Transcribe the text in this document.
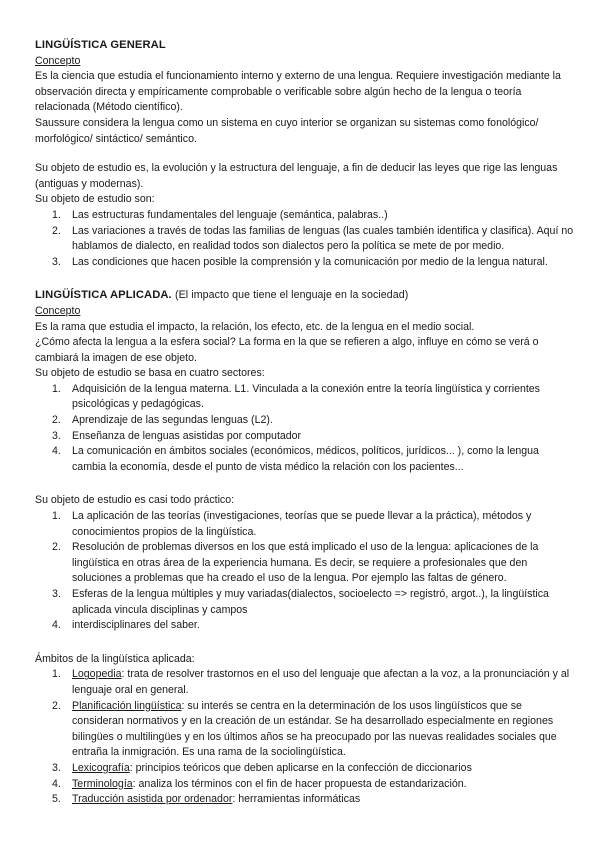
LINGÜÍSTICA GENERAL

Concepto

Es la ciencia que estudia el funcionamiento interno y externo de una lengua. Requiere investigación mediante la observación directa y empíricamente comprobable o verificable sobre algún hecho de la lengua o teoría relacionada (Método científico).

Saussure considera la lengua como un sistema en cuyo interior se organizan su sistemas como fonológico/ morfológico/ sintáctico/ semántico.

Su objeto de estudio es, la evolución y la estructura del lenguaje, a fin de deducir las leyes que rige las lenguas (antiguas y modernas).

Su objeto de estudio son:

1. Las estructuras fundamentales del lenguaje (semántica, palabras..)
2. Las variaciones a través de todas las familias de lenguas (las cuales también identifica y clasifica). Aquí no hablamos de dialecto, en realidad todos son dialectos pero la política se mete de por medio.
3. Las condiciones que hacen posible la comprensión y la comunicación por medio de la lengua natural.

LINGÜÍSTICA APLICADA. (El impacto que tiene el lenguaje en la sociedad)

Concepto

Es la rama que estudia el impacto, la relación, los efecto, etc. de la lengua en el medio social.

¿Cómo afecta la lengua a la esfera social? La forma en la que se refieren a algo, influye en cómo se verá o cambiará la imagen de ese objeto.

Su objeto de estudio se basa en cuatro sectores:

1. Adquisición de la lengua materna. L1. Vinculada a la conexión entre la teoría lingüística y corrientes psicológicas y pedagógicas.
2. Aprendizaje de las segundas lenguas (L2).
3. Enseñanza de lenguas asistidas por computador
4. La comunicación en ámbitos sociales (económicos, médicos, políticos, jurídicos... ), como la lengua cambia la economía, desde el punto de vista médico la relación con los pacientes...

Su objeto de estudio es casi todo práctico:

1. La aplicación de las teorías (investigaciones, teorías que se puede llevar a la práctica), métodos y conocimientos propios de la lingüística.
2. Resolución de problemas diversos en los que está implicado el uso de la lengua: aplicaciones de la lingüística en otras área de la experiencia humana. Es decir, se requiere a profesionales que den soluciones a problemas que ha creado el uso de la lengua. Por ejemplo las faltas de género.
3. Esferas de la lengua múltiples y muy variadas(dialectos, socioelecto => registró, argot..), la lingüística aplicada vincula disciplinas y campos
4. interdisciplinares del saber.

Ámbitos de la lingüística aplicada:

1. Logopedia: trata de resolver trastornos en el uso del lenguaje que afectan a la voz, a la pronunciación y al lenguaje oral en general.
2. Planificación lingüística: su interés se centra en la determinación de los usos lingüísticos que se consideran normativos y en la creación de un estándar. Se ha desarrollado especialmente en regiones bilingües o multilingües y en los últimos años se ha preocupado por las nuevas realidades sociales que entraña la inmigración. Es una rama de la sociolingüística.
3. Lexicografía: principios teóricos que deben aplicarse en la confección de diccionarios
4. Terminología: analiza los términos con el fin de hacer propuesta de estandarización.
5. Traducción asistida por ordenador: herramientas informáticas
